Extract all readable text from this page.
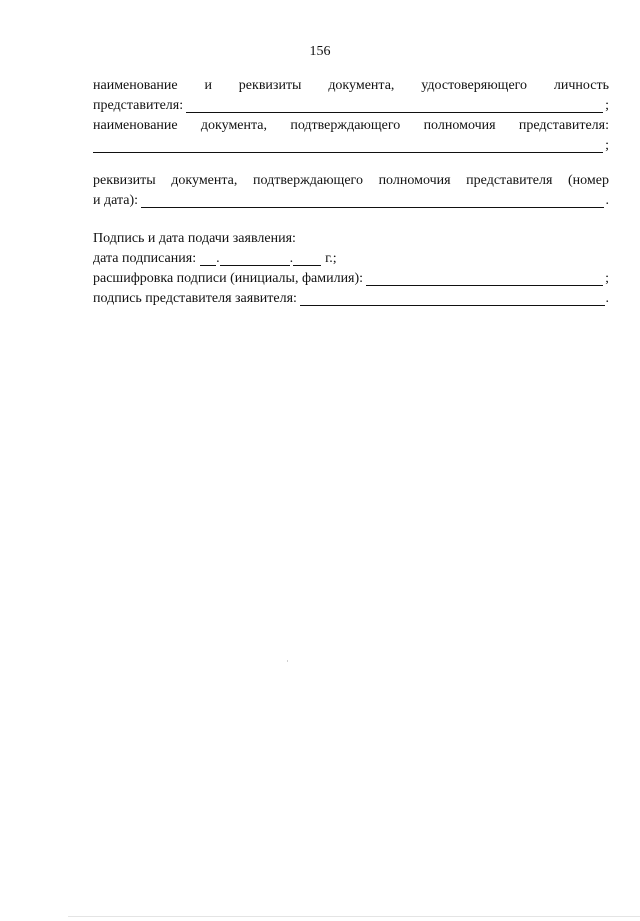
156
наименование и реквизиты документа, удостоверяющего личность
представителя:	;
наименование документа, подтверждающего полномочия представителя:
;
реквизиты документа, подтверждающего полномочия представителя (номер
и дата):	.
Подпись и дата подачи заявления:
дата подписания: .	. г.;
расшифровка подписи (инициалы, фамилия):	;
подпись представителя заявителя:	.
